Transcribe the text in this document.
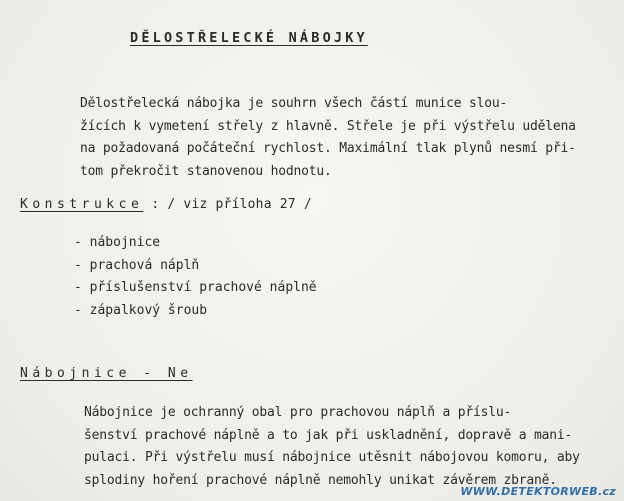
DĚLOSTŘELECKÉ NÁBOJKY
Dělostřelecká nábojka je souhrn všech částí munice slou-
žících k vymetení střely z hlavně. Střele je při výstřelu udělena
na požadovaná počáteční rychlost. Maximální tlak plynů nesmí při-
tom překročit stanovenou hodnotu.
Konstrukce : / viz příloha 27 /
- nábojnice
- prachová náplň
- příslušenství prachové náplně
- zápalkový šroub
Nábojnice - Ne
Nábojnice je ochranný obal pro prachovou náplň a příslu-
šenství prachové náplně a to jak při uskladnění, dopravě a mani-
pulaci. Při výstřelu musí nábojnice utěsnit nábojovou komoru, aby
splodiny hoření prachové náplně nemohly unikat závěrem zbraně.
WWW.DETEKTORWEB.cz
